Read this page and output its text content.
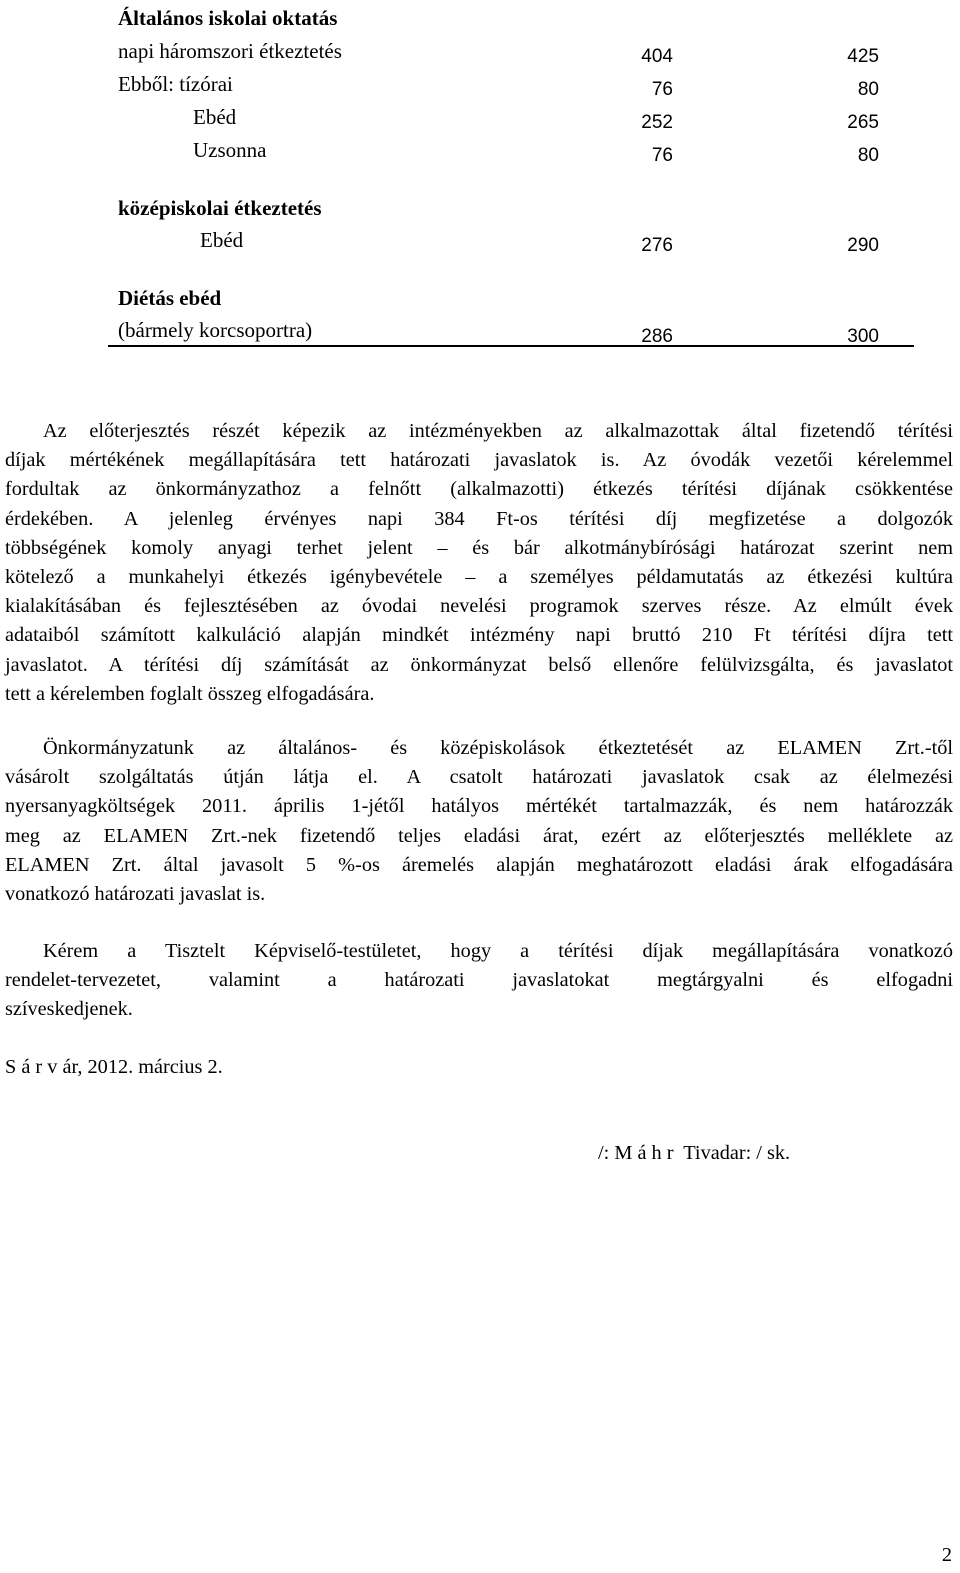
Általános iskolai oktatás
napi háromszori étkeztetés	404	425
Ebből: tízórai	76	80
Ebéd	252	265
Uzsonna	76	80
középiskolai étkeztetés
Ebéd	276	290
Diétás ebéd
(bármely korcsoportra)	286	300
Az előterjesztés részét képezik az intézményekben az alkalmazottak által fizetendő térítési
díjak mértékének megállapítására tett határozati javaslatok is. Az óvodák vezetői kérelemmel
fordultak az önkormányzathoz a felnőtt (alkalmazotti) étkezés térítési díjának csökkentése
érdekében. A jelenleg érvényes napi 384 Ft-os térítési díj megfizetése a dolgozók
többségének komoly anyagi terhet jelent – és bár alkotmánybírósági határozat szerint nem
kötelező a munkahelyi étkezés igénybevétele – a személyes példamutatás az étkezési kultúra
kialakításában és fejlesztésében az óvodai nevelési programok szerves része. Az elmúlt évek
adataiból számított kalkuláció alapján mindkét intézmény napi bruttó 210 Ft térítési díjra tett
javaslatot. A térítési díj számítását az önkormányzat belső ellenőre felülvizsgálta, és javaslatot
tett a kérelemben foglalt összeg elfogadására.
Önkormányzatunk az általános- és középiskolások étkeztetését az ELAMEN Zrt.-től
vásárolt szolgáltatás útján látja el. A csatolt határozati javaslatok csak az élelmezési
nyersanyagköltségek 2011. április 1-jétől hatályos mértékét tartalmazzák, és nem határozzák
meg az ELAMEN Zrt.-nek fizetendő teljes eladási árat, ezért az előterjesztés melléklete az
ELAMEN Zrt. által javasolt 5 %-os áremelés alapján meghatározott eladási árak elfogadására
vonatkozó határozati javaslat is.
Kérem a Tisztelt Képviselő-testületet, hogy a térítési díjak megállapítására vonatkozó
rendelet-tervezetet, valamint a határozati javaslatokat megtárgyalni és elfogadni
szíveskedjenek.
S á r v ár, 2012. március 2.
/: M á h r  Tivadar: / sk.
2
